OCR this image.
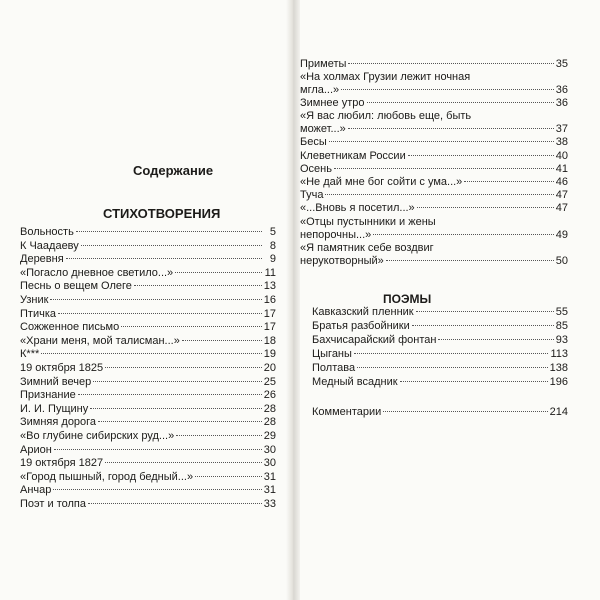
Содержание
СТИХОТВОРЕНИЯ
Вольность	5
К Чаадаеву	8
Деревня	9
«Погасло дневное светило...»	11
Песнь о вещем Олеге	13
Узник	16
Птичка	17
Сожженное письмо	17
«Храни меня, мой талисман...»	18
К***	19
19 октября 1825	20
Зимний вечер	25
Признание	26
И. И. Пущину	28
Зимняя дорога	28
«Во глубине сибирских руд...»	29
Арион	30
19 октября 1827	30
«Город пышный, город бедный...»	31
Анчар	31
Поэт и толпа	33
Приметы	35
«На холмах Грузии лежит ночная
мгла...»	36
Зимнее утро	36
«Я вас любил: любовь еще, быть
может...»	37
Бесы	38
Клеветникам России	40
Осень	41
«Не дай мне бог сойти с ума...»	46
Туча	47
«...Вновь я посетил...»	47
«Отцы пустынники и жены
непорочны...»	49
«Я памятник себе воздвиг
нерукотворный»	50
ПОЭМЫ
Кавказский пленник	55
Братья разбойники	85
Бахчисарайский фонтан	93
Цыганы	113
Полтава	138
Медный всадник	196
Комментарии	214
